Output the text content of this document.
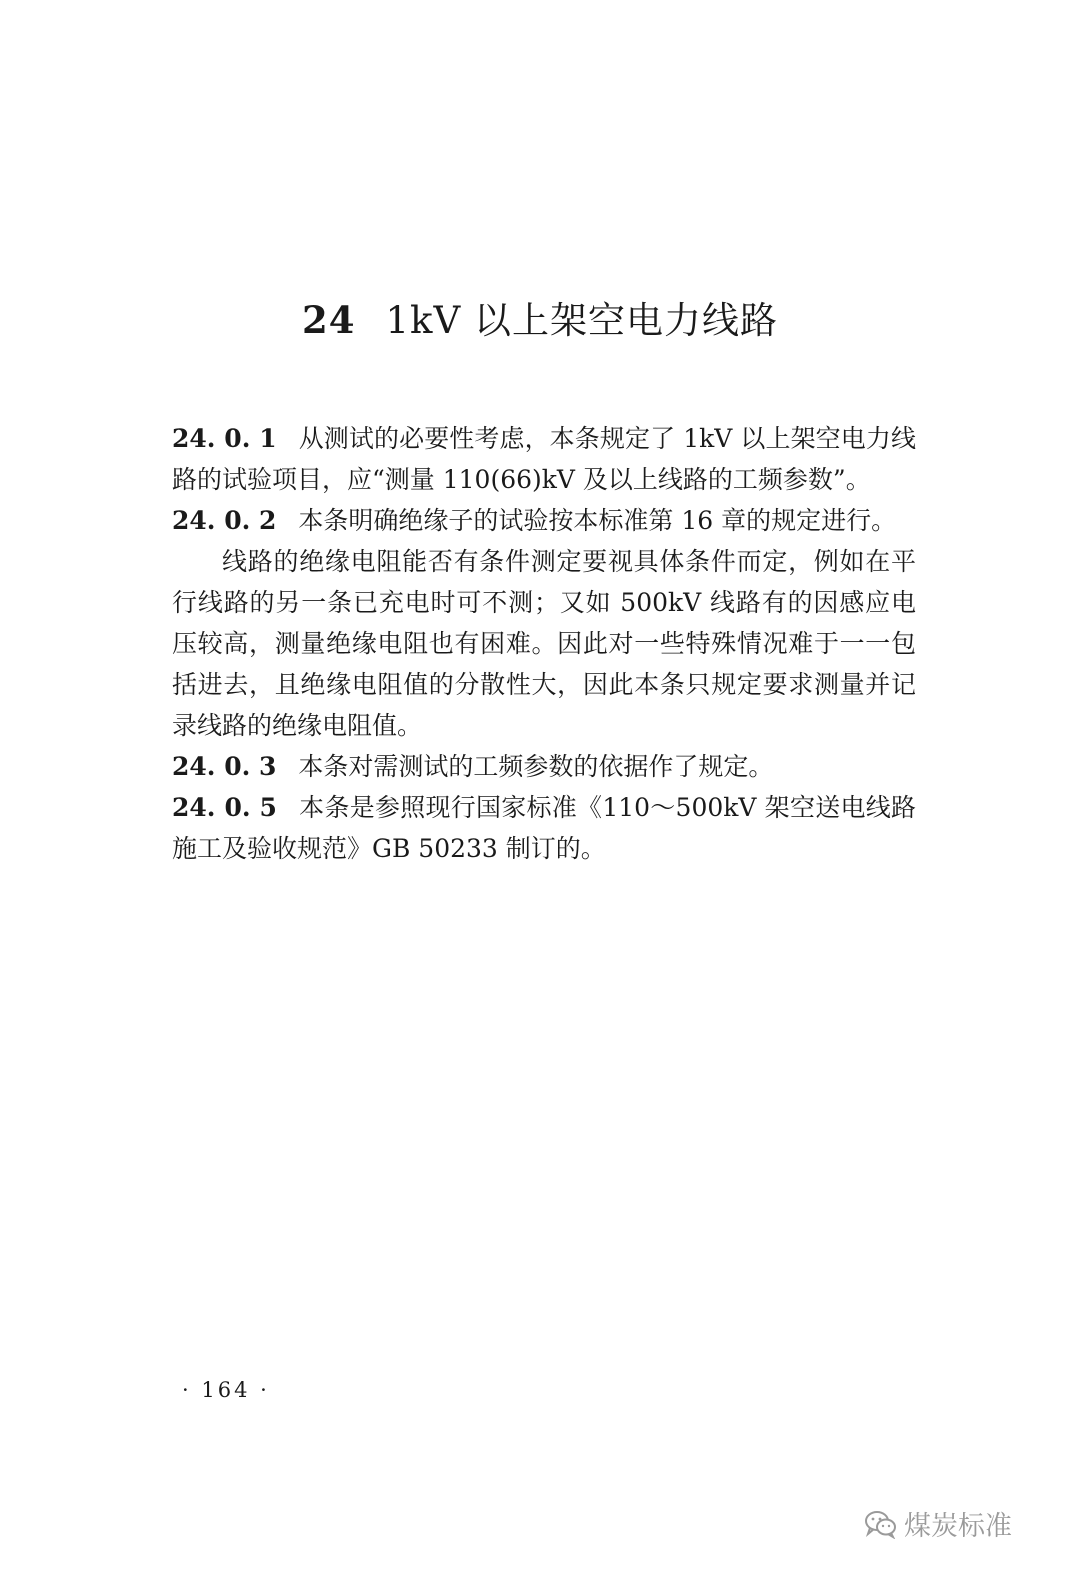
24 1kV 以上架空电力线路

24. 0. 1 从测试的必要性考虑，本条规定了 1kV 以上架空电力线路的试验项目，应“测量 110(66)kV 及以上线路的工频参数”。

24. 0. 2 本条明确绝缘子的试验按本标准第 16 章的规定进行。

线路的绝缘电阻能否有条件测定要视具体条件而定，例如在平行线路的另一条已充电时可不测；又如 500kV 线路有的因感应电压较高，测量绝缘电阻也有困难。因此对一些特殊情况难于一一包括进去，且绝缘电阻值的分散性大，因此本条只规定要求测量并记录线路的绝缘电阻值。

24. 0. 3 本条对需测试的工频参数的依据作了规定。

24. 0. 5 本条是参照现行国家标准《110～500kV 架空送电线路施工及验收规范》GB 50233 制订的。

· 164 ·
煤炭标准
